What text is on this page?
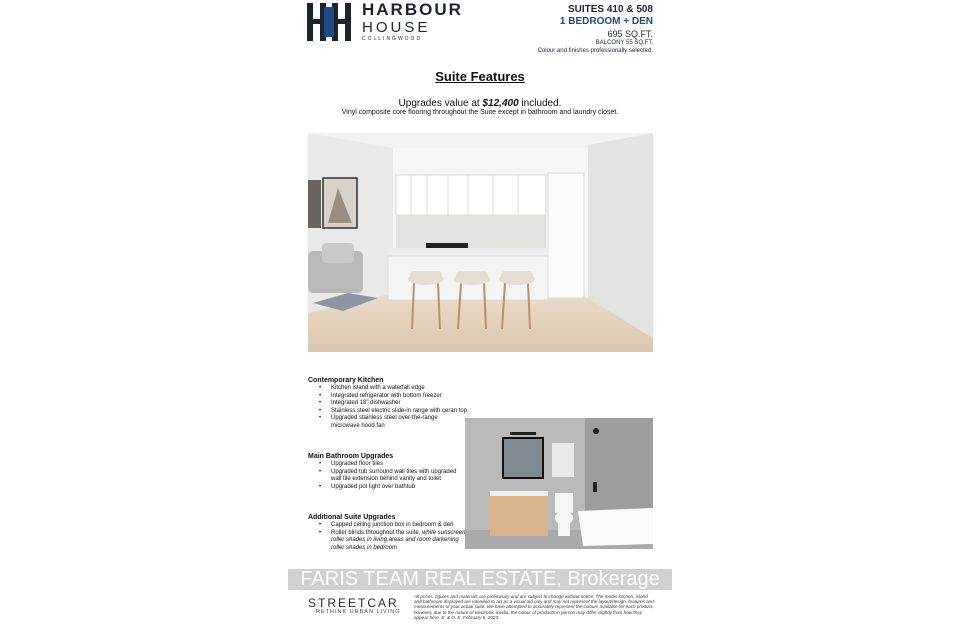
HARBOUR
HOUSE
COLLINGWOOD
SUITES 410 & 508
1 BEDROOM + DEN
695 SQ.FT.
BALCONY 55 SQ.FT.
Colour and finishes professionally selected.
Suite Features
Upgrades value at $12,400 included.
Vinyl composite core flooring throughout the Suite except in bathroom and laundry closet.
Contemporary Kitchen
• Kitchen island with a waterfall edge
• Integrated refrigerator with bottom freezer
• Integrated 18" dishwasher
• Stainless steel electric slide-in range with ceran top
• Upgraded stainless steel over-the-range microwave hood fan
Main Bathroom Upgrades
• Upgraded floor tiles
• Upgraded tub surround wall tiles with upgraded wall tile extension behind vanity and toilet
• Upgraded pot light over bathtub
Additional Suite Upgrades
• Capped ceiling junction box in bedroom & den
• Roller blinds throughout the suite, white sunscreen roller shades in living areas and room darkening roller shades in bedroom
FARIS TEAM REAL ESTATE, Brokerage
STREETCAR
RETHINK URBAN LIVING
All prices, figures and materials are preliminary and are subject to change without notice. The model kitchen, island and bathroom displayed are intended to act as a visual aid only and may not represent the layout/design, features and measurements of your actual suite. We have attempted to accurately represent the colours available for each product, however, due to the nature of electronic media, the colour of products in person may differ slightly from how they appear here. E. & O. E. February 6, 2023.
